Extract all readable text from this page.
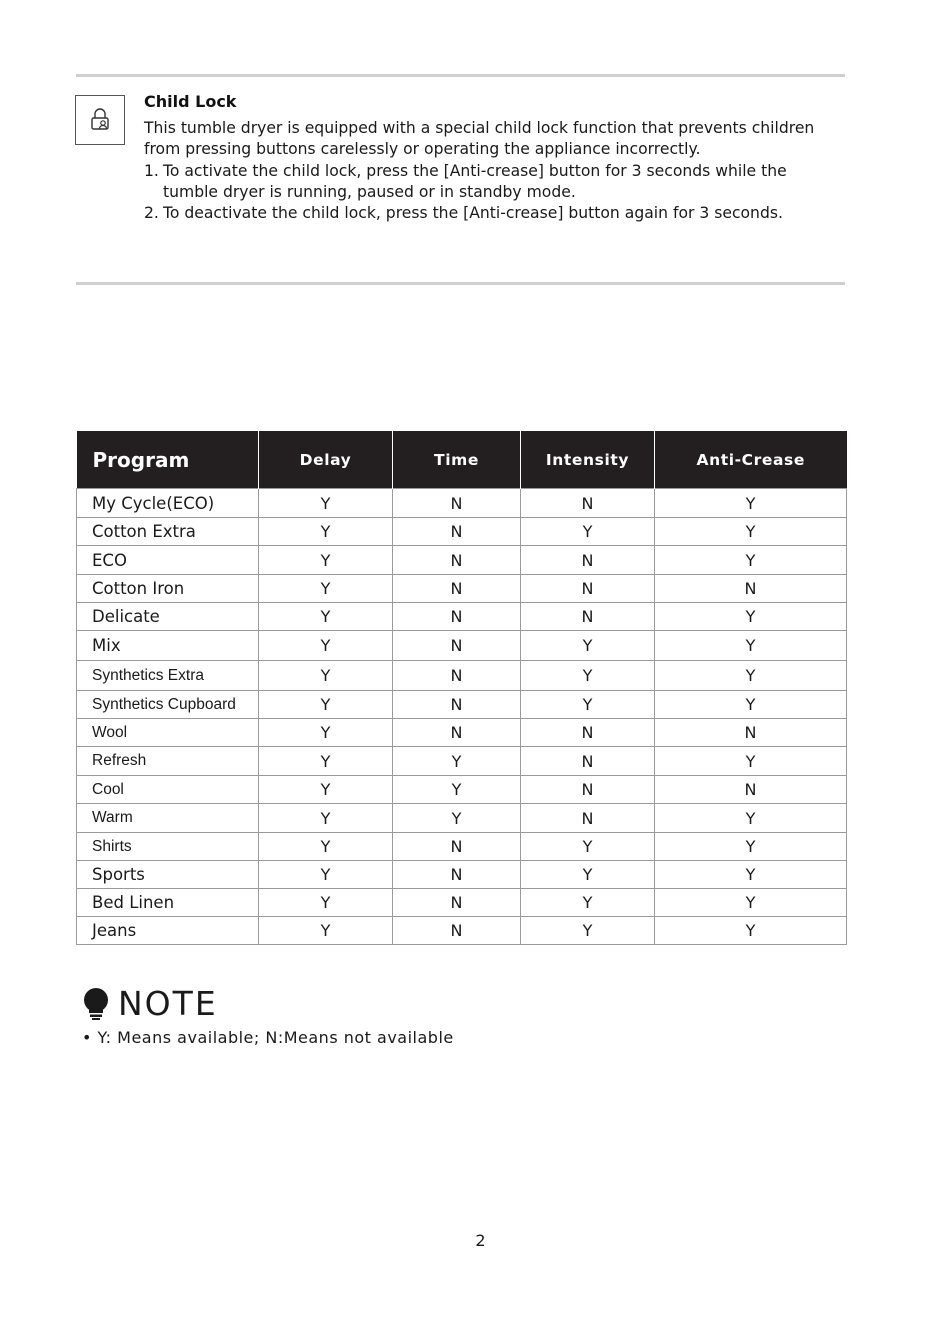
Child Lock

This tumble dryer is equipped with a special child lock function that prevents children from pressing buttons carelessly or operating the appliance incorrectly.

1. To activate the child lock, press the [Anti-crease] button for 3 seconds while the tumble dryer is running, paused or in standby mode.
2. To deactivate the child lock, press the [Anti-crease] button again for 3 seconds.
Program	Delay	Time	Intensity	Anti-Crease
My Cycle(ECO)	Y	N	N	Y
Cotton Extra	Y	N	Y	Y
ECO	Y	N	N	Y
Cotton Iron	Y	N	N	N
Delicate	Y	N	N	Y
Mix	Y	N	Y	Y
Synthetics Extra	Y	N	Y	Y
Synthetics Cupboard	Y	N	Y	Y
Wool	Y	N	N	N
Refresh	Y	Y	N	Y
Cool	Y	Y	N	N
Warm	Y	Y	N	Y
Shirts	Y	N	Y	Y
Sports	Y	N	Y	Y
Bed Linen	Y	N	Y	Y
Jeans	Y	N	Y	Y
NOTE
• Y: Means available; N:Means not available
2
